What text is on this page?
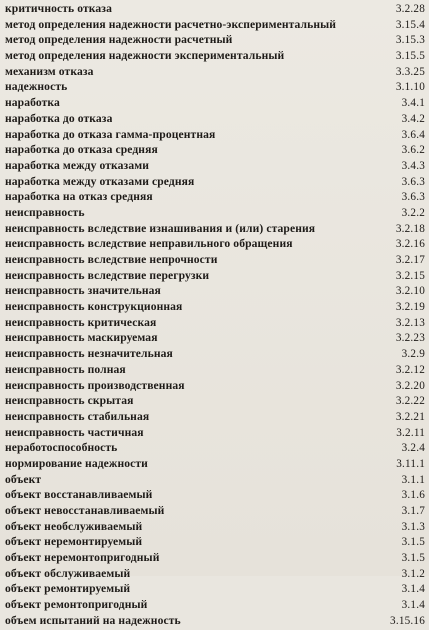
критичность отказа	3.2.28
метод определения надежности расчетно-экспериментальный	3.15.4
метод определения надежности расчетный	3.15.3
метод определения надежности экспериментальный	3.15.5
механизм отказа	3.3.25
надежность	3.1.10
наработка	3.4.1
наработка до отказа	3.4.2
наработка до отказа гамма-процентная	3.6.4
наработка до отказа средняя	3.6.2
наработка между отказами	3.4.3
наработка между отказами средняя	3.6.3
наработка на отказ средняя	3.6.3
неисправность	3.2.2
неисправность вследствие изнашивания и (или) старения	3.2.18
неисправность вследствие неправильного обращения	3.2.16
неисправность вследствие непрочности	3.2.17
неисправность вследствие перегрузки	3.2.15
неисправность значительная	3.2.10
неисправность конструкционная	3.2.19
неисправность критическая	3.2.13
неисправность маскируемая	3.2.23
неисправность незначительная	3.2.9
неисправность полная	3.2.12
неисправность производственная	3.2.20
неисправность скрытая	3.2.22
неисправность стабильная	3.2.21
неисправность частичная	3.2.11
неработоспособность	3.2.4
нормирование надежности	3.11.1
объект	3.1.1
объект восстанавливаемый	3.1.6
объект невосстанавливаемый	3.1.7
объект необслуживаемый	3.1.3
объект неремонтируемый	3.1.5
объект неремонтопригодный	3.1.5
объект обслуживаемый	3.1.2
объект ремонтируемый	3.1.4
объект ремонтопригодный	3.1.4
объем испытаний на надежность	3.15.16
